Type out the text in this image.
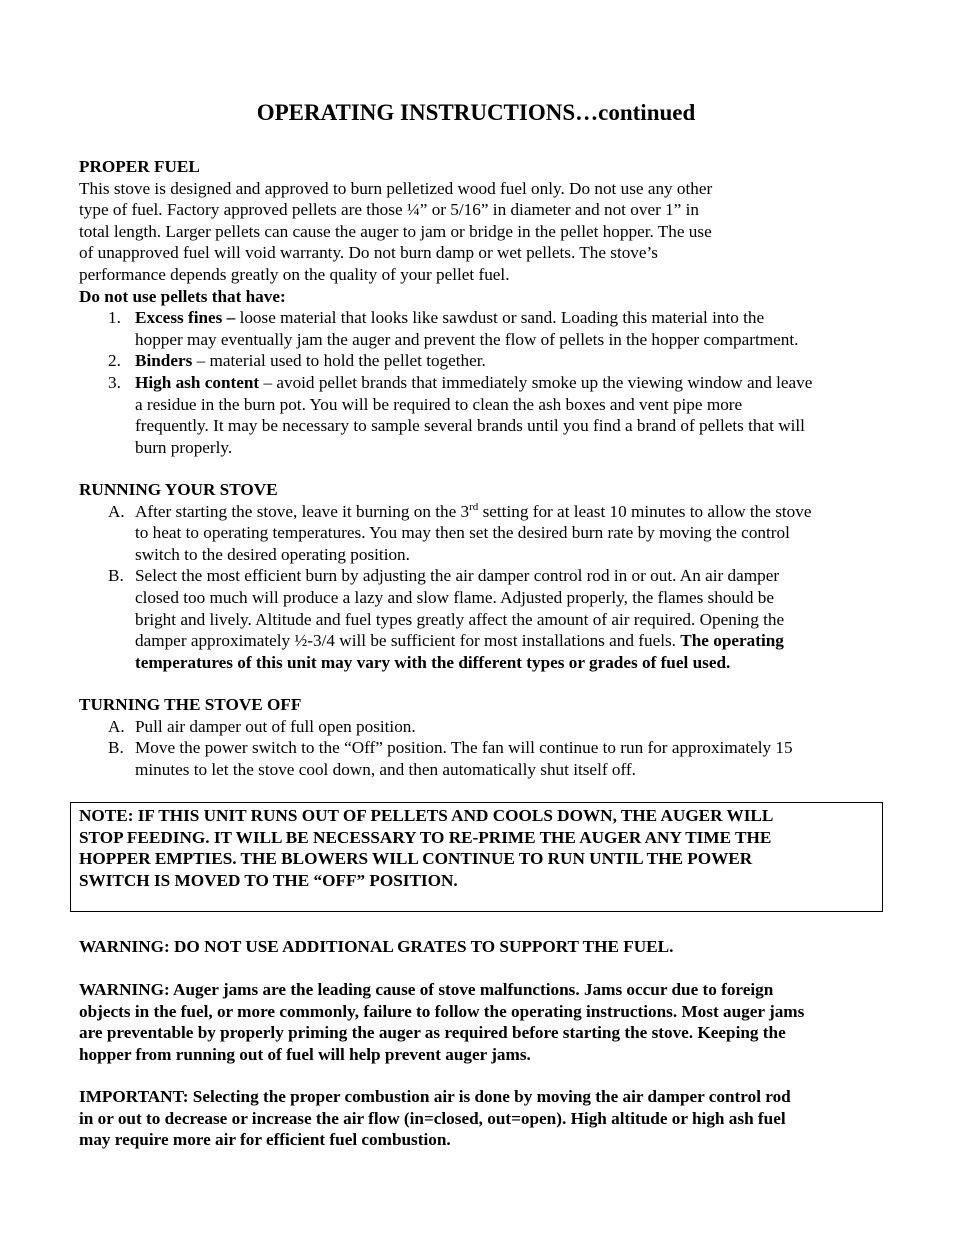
OPERATING INSTRUCTIONS…continued
PROPER FUEL
This stove is designed and approved to burn pelletized wood fuel only. Do not use any other
type of fuel. Factory approved pellets are those ¼” or 5/16” in diameter and not over 1” in
total length. Larger pellets can cause the auger to jam or bridge in the pellet hopper. The use
of unapproved fuel will void warranty. Do not burn damp or wet pellets. The stove’s
performance depends greatly on the quality of your pellet fuel.
Do not use pellets that have:
1. Excess fines – loose material that looks like sawdust or sand. Loading this material into the
hopper may eventually jam the auger and prevent the flow of pellets in the hopper compartment.
2. Binders – material used to hold the pellet together.
3. High ash content – avoid pellet brands that immediately smoke up the viewing window and leave
a residue in the burn pot. You will be required to clean the ash boxes and vent pipe more
frequently. It may be necessary to sample several brands until you find a brand of pellets that will
burn properly.
RUNNING YOUR STOVE
A. After starting the stove, leave it burning on the 3rd setting for at least 10 minutes to allow the stove
to heat to operating temperatures. You may then set the desired burn rate by moving the control
switch to the desired operating position.
B. Select the most efficient burn by adjusting the air damper control rod in or out. An air damper
closed too much will produce a lazy and slow flame. Adjusted properly, the flames should be
bright and lively. Altitude and fuel types greatly affect the amount of air required. Opening the
damper approximately ½-3/4 will be sufficient for most installations and fuels. The operating
temperatures of this unit may vary with the different types or grades of fuel used.
TURNING THE STOVE OFF
A. Pull air damper out of full open position.
B. Move the power switch to the “Off” position. The fan will continue to run for approximately 15
minutes to let the stove cool down, and then automatically shut itself off.
WARNING: DO NOT USE ADDITIONAL GRATES TO SUPPORT THE FUEL.
WARNING: Auger jams are the leading cause of stove malfunctions. Jams occur due to foreign
objects in the fuel, or more commonly, failure to follow the operating instructions. Most auger jams
are preventable by properly priming the auger as required before starting the stove. Keeping the
hopper from running out of fuel will help prevent auger jams.
IMPORTANT: Selecting the proper combustion air is done by moving the air damper control rod
in or out to decrease or increase the air flow (in=closed, out=open). High altitude or high ash fuel
may require more air for efficient fuel combustion.
NOTE: IF THIS UNIT RUNS OUT OF PELLETS AND COOLS DOWN, THE AUGER WILL
STOP FEEDING. IT WILL BE NECESSARY TO RE-PRIME THE AUGER ANY TIME THE
HOPPER EMPTIES. THE BLOWERS WILL CONTINUE TO RUN UNTIL THE POWER
SWITCH IS MOVED TO THE “OFF” POSITION.
